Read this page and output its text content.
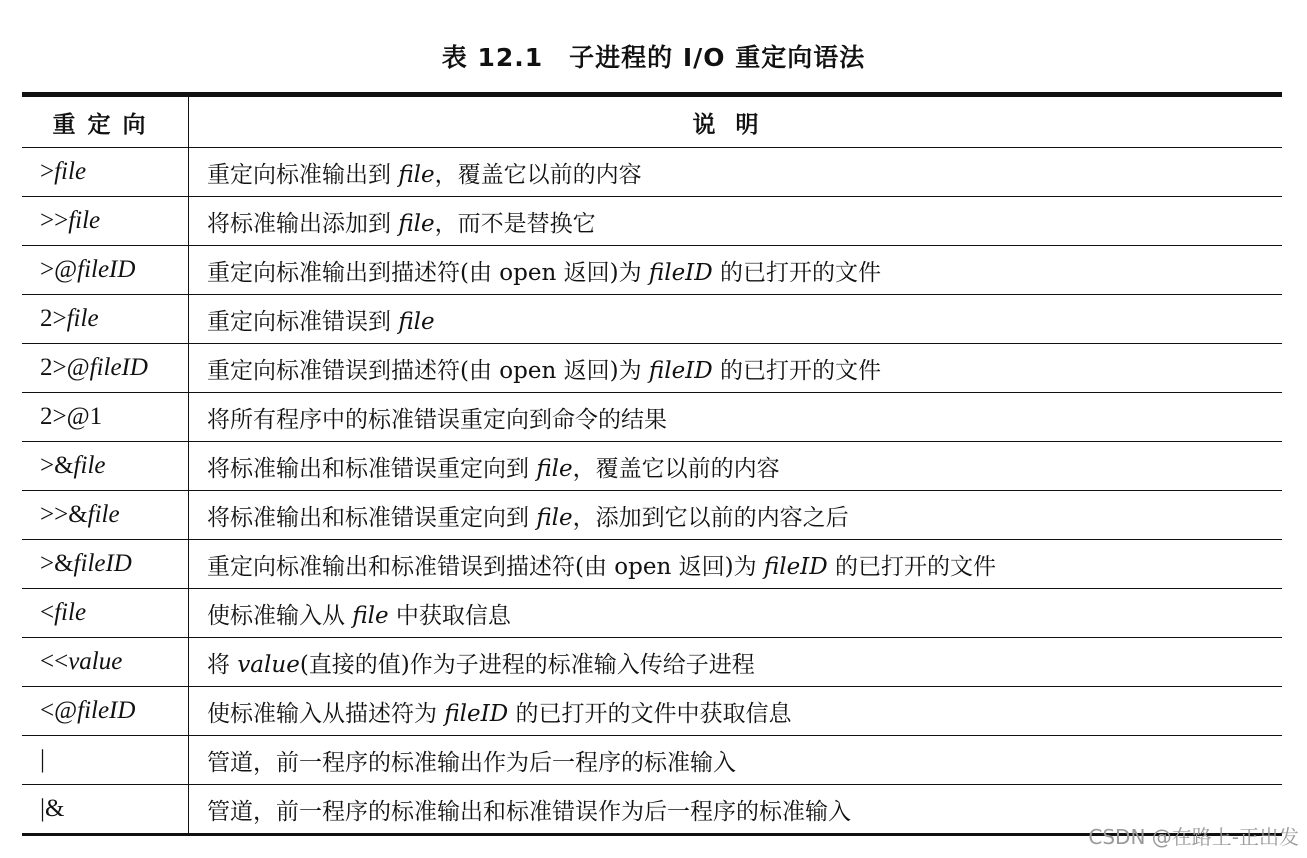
表 12.1　子进程的 I/O 重定向语法
重定向	说明
>file	重定向标准输出到 file，覆盖它以前的内容
>>file	将标准输出添加到 file，而不是替换它
>@fileID	重定向标准输出到描述符(由 open 返回)为 fileID 的已打开的文件
2>file	重定向标准错误到 file
2>@fileID	重定向标准错误到描述符(由 open 返回)为 fileID 的已打开的文件
2>@1	将所有程序中的标准错误重定向到命令的结果
>&file	将标准输出和标准错误重定向到 file，覆盖它以前的内容
>>&file	将标准输出和标准错误重定向到 file，添加到它以前的内容之后
>&fileID	重定向标准输出和标准错误到描述符(由 open 返回)为 fileID 的已打开的文件
<file	使标准输入从 file 中获取信息
<<value	将 value(直接的值)作为子进程的标准输入传给子进程
<@fileID	使标准输入从描述符为 fileID 的已打开的文件中获取信息
|	管道，前一程序的标准输出作为后一程序的标准输入
|&	管道，前一程序的标准输出和标准错误作为后一程序的标准输入
CSDN @在路上-正出发
